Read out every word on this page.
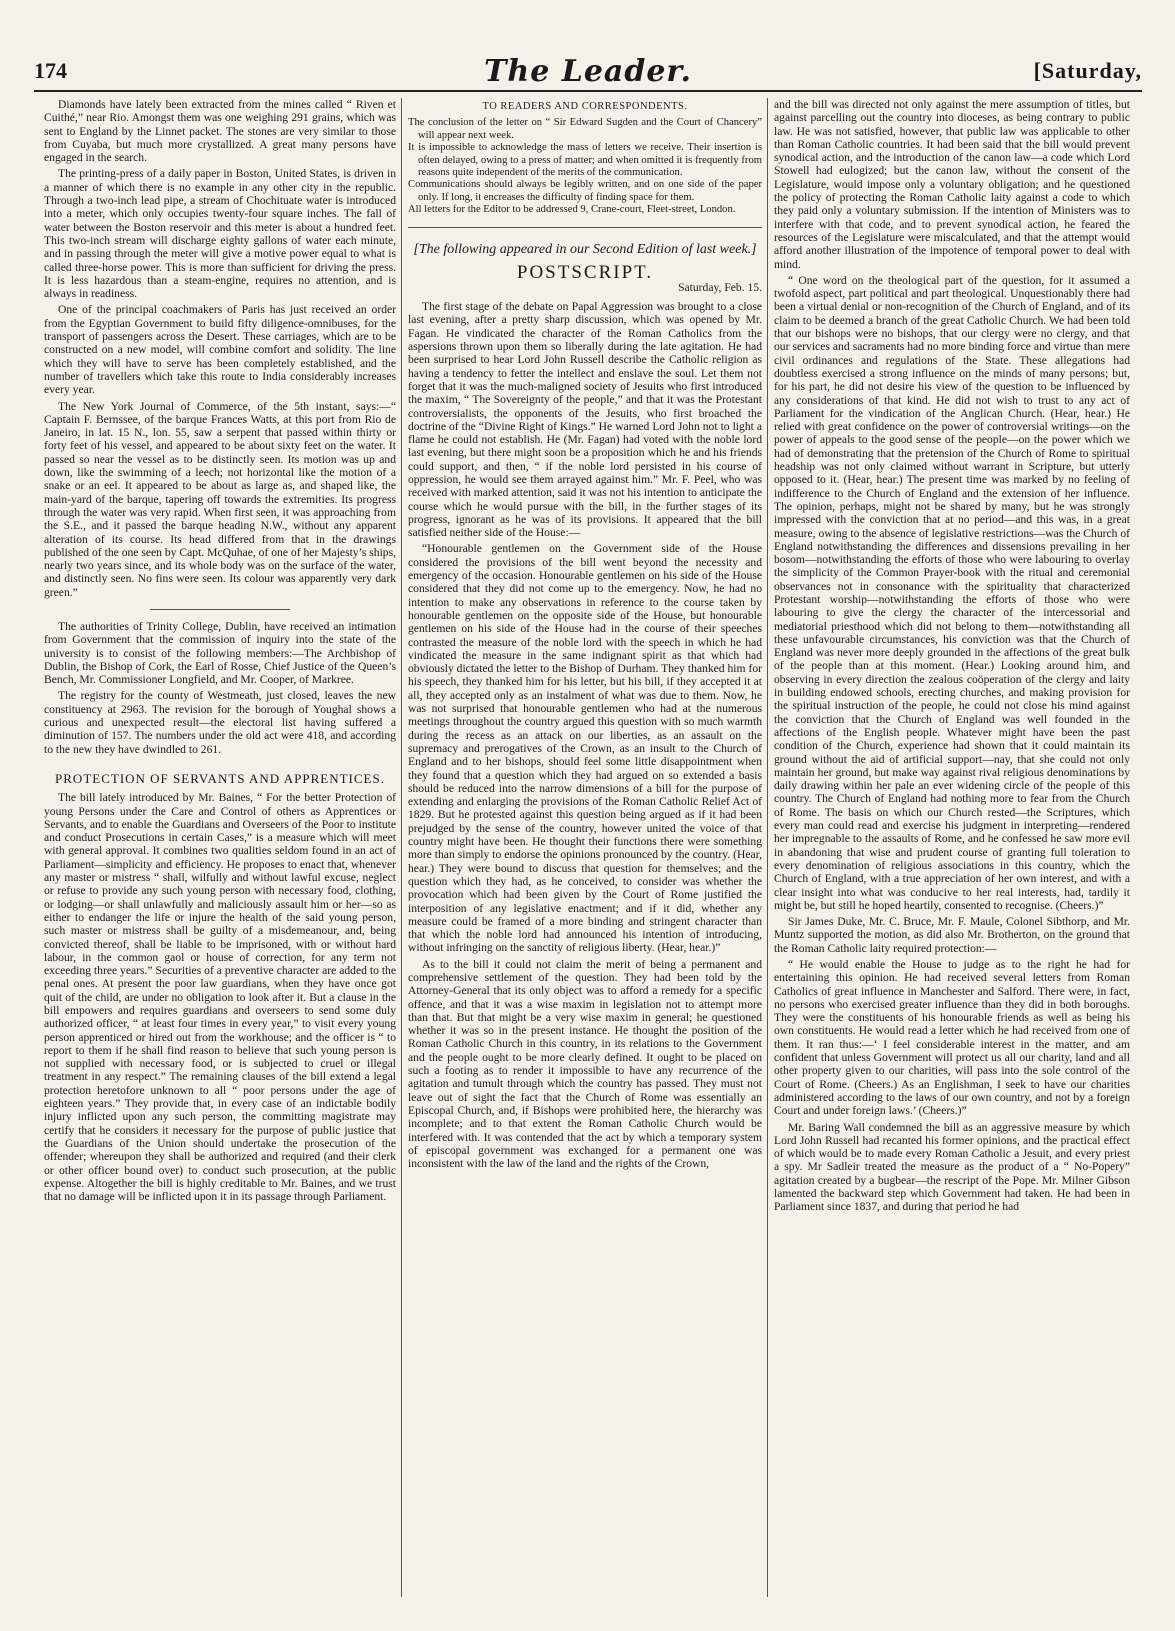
174	The Leader.	[Saturday,

Diamonds have lately been extracted from the mines called “ Riven et Cuithé,” near Rio. Amongst them was one weighing 291 grains, which was sent to England by the Linnet packet. The stones are very similar to those from Cuyaba, but much more crystallized. A great many persons have engaged in the search.

The printing-press of a daily paper in Boston, United States, is driven in a manner of which there is no example in any other city in the republic. Through a two-inch lead pipe, a stream of Chochituate water is introduced into a meter, which only occupies twenty-four square inches. The fall of water between the Boston reservoir and this meter is about a hundred feet. This two-inch stream will discharge eighty gallons of water each minute, and in passing through the meter will give a motive power equal to what is called three-horse power. This is more than sufficient for driving the press. It is less hazardous than a steam-engine, requires no attention, and is always in readiness.

One of the principal coachmakers of Paris has just received an order from the Egyptian Government to build fifty diligence-omnibuses, for the transport of passengers across the Desert. These carriages, which are to be constructed on a new model, will combine comfort and solidity. The line which they will have to serve has been completely established, and the number of travellers which take this route to India considerably increases every year.

The New York Journal of Commerce, of the 5th instant, says:—“ Captain F. Bernssee, of the barque Frances Watts, at this port from Rio de Janeiro, in lat. 15 N., lon. 55, saw a serpent that passed within thirty or forty feet of his vessel, and appeared to be about sixty feet on the water. It passed so near the vessel as to be distinctly seen. Its motion was up and down, like the swimming of a leech; not horizontal like the motion of a snake or an eel. It appeared to be about as large as, and shaped like, the main-yard of the barque, tapering off towards the extremities. Its progress through the water was very rapid. When first seen, it was approaching from the S.E., and it passed the barque heading N.W., without any apparent alteration of its course. Its head differed from that in the drawings published of the one seen by Capt. McQuhae, of one of her Majesty’s ships, nearly two years since, and its whole body was on the surface of the water, and distinctly seen. No fins were seen. Its colour was apparently very dark green.”

The authorities of Trinity College, Dublin, have received an intimation from Government that the commission of inquiry into the state of the university is to consist of the following members:—The Archbishop of Dublin, the Bishop of Cork, the Earl of Rosse, Chief Justice of the Queen’s Bench, Mr. Commissioner Longfield, and Mr. Cooper, of Markree.

The registry for the county of Westmeath, just closed, leaves the new constituency at 2963. The revision for the borough of Youghal shows a curious and unexpected result—the electoral list having suffered a diminution of 157. The numbers under the old act were 418, and according to the new they have dwindled to 261.

PROTECTION OF SERVANTS AND APPRENTICES.

The bill lately introduced by Mr. Baines, “ For the better Protection of young Persons under the Care and Control of others as Apprentices or Servants, and to enable the Guardians and Overseers of the Poor to institute and conduct Prosecutions in certain Cases,” is a measure which will meet with general approval. It combines two qualities seldom found in an act of Parliament—simplicity and efficiency. He proposes to enact that, whenever any master or mistress “ shall, wilfully and without lawful excuse, neglect or refuse to provide any such young person with necessary food, clothing, or lodging—or shall unlawfully and maliciously assault him or her—so as either to endanger the life or injure the health of the said young person, such master or mistress shall be guilty of a misdemeanour, and, being convicted thereof, shall be liable to be imprisoned, with or without hard labour, in the common gaol or house of correction, for any term not exceeding three years.” Securities of a preventive character are added to the penal ones. At present the poor law guardians, when they have once got quit of the child, are under no obligation to look after it. But a clause in the bill empowers and requires guardians and overseers to send some duly authorized officer, “ at least four times in every year,” to visit every young person apprenticed or hired out from the workhouse; and the officer is “ to report to them if he shall find reason to believe that such young person is not supplied with necessary food, or is subjected to cruel or illegal treatment in any respect.” The remaining clauses of the bill extend a legal protection heretofore unknown to all “ poor persons under the age of eighteen years.” They provide that, in every case of an indictable bodily injury inflicted upon any such person, the committing magistrate may certify that he considers it necessary for the purpose of public justice that the Guardians of the Union should undertake the prosecution of the offender; whereupon they shall be authorized and required (and their clerk or other officer bound over) to conduct such prosecution, at the public expense. Altogether the bill is highly creditable to Mr. Baines, and we trust that no damage will be inflicted upon it in its passage through Parliament.

TO READERS AND CORRESPONDENTS.

The conclusion of the letter on “ Sir Edward Sugden and the Court of Chancery” will appear next week.

It is impossible to acknowledge the mass of letters we receive. Their insertion is often delayed, owing to a press of matter; and when omitted it is frequently from reasons quite independent of the merits of the communication.

Communications should always be legibly written, and on one side of the paper only. If long, it encreases the difficulty of finding space for them.

All letters for the Editor to be addressed 9, Crane-court, Fleet-street, London.

[The following appeared in our Second Edition of last week.]
POSTSCRIPT.
Saturday, Feb. 15.

The first stage of the debate on Papal Aggression was brought to a close last evening, after a pretty sharp discussion, which was opened by Mr. Fagan. He vindicated the character of the Roman Catholics from the aspersions thrown upon them so liberally during the late agitation. He had been surprised to hear Lord John Russell describe the Catholic religion as having a tendency to fetter the intellect and enslave the soul. Let them not forget that it was the much-maligned society of Jesuits who first introduced the maxim, “ The Sovereignty of the people,” and that it was the Protestant controversialists, the opponents of the Jesuits, who first broached the doctrine of the “Divine Right of Kings.” He warned Lord John not to light a flame he could not establish. He (Mr. Fagan) had voted with the noble lord last evening, but there might soon be a proposition which he and his friends could support, and then, “ if the noble lord persisted in his course of oppression, he would see them arrayed against him.” Mr. F. Peel, who was received with marked attention, said it was not his intention to anticipate the course which he would pursue with the bill, in the further stages of its progress, ignorant as he was of its provisions. It appeared that the bill satisfied neither side of the House:—

“Honourable gentlemen on the Government side of the House considered the provisions of the bill went beyond the necessity and emergency of the occasion. Honourable gentlemen on his side of the House considered that they did not come up to the emergency. Now, he had no intention to make any observations in reference to the course taken by honourable gentlemen on the opposite side of the House, but honourable gentlemen on his side of the House had in the course of their speeches contrasted the measure of the noble lord with the speech in which he had vindicated the measure in the same indignant spirit as that which had obviously dictated the letter to the Bishop of Durham. They thanked him for his speech, they thanked him for his letter, but his bill, if they accepted it at all, they accepted only as an instalment of what was due to them. Now, he was not surprised that honourable gentlemen who had at the numerous meetings throughout the country argued this question with so much warmth during the recess as an attack on our liberties, as an assault on the supremacy and prerogatives of the Crown, as an insult to the Church of England and to her bishops, should feel some little disappointment when they found that a question which they had argued on so extended a basis should be reduced into the narrow dimensions of a bill for the purpose of extending and enlarging the provisions of the Roman Catholic Relief Act of 1829. But he protested against this question being argued as if it had been prejudged by the sense of the country, however united the voice of that country might have been. He thought their functions there were something more than simply to endorse the opinions pronounced by the country. (Hear, hear.) They were bound to discuss that question for themselves; and the question which they had, as he conceived, to consider was whether the provocation which had been given by the Court of Rome justified the interposition of any legislative enactment; and if it did, whether any measure could be framed of a more binding and stringent character than that which the noble lord had announced his intention of introducing, without infringing on the sanctity of religious liberty. (Hear, hear.)”

As to the bill it could not claim the merit of being a permanent and comprehensive settlement of the question. They had been told by the Attorney-General that its only object was to afford a remedy for a specific offence, and that it was a wise maxim in legislation not to attempt more than that. But that might be a very wise maxim in general; he questioned whether it was so in the present instance. He thought the position of the Roman Catholic Church in this country, in its relations to the Government and the people ought to be more clearly defined. It ought to be placed on such a footing as to render it impossible to have any recurrence of the agitation and tumult through which the country has passed. They must not leave out of sight the fact that the Church of Rome was essentially an Episcopal Church, and, if Bishops were prohibited here, the hierarchy was incomplete; and to that extent the Roman Catholic Church would be interfered with. It was contended that the act by which a temporary system of episcopal government was exchanged for a permanent one was inconsistent with the law of the land and the rights of the Crown,

and the bill was directed not only against the mere assumption of titles, but against parcelling out the country into dioceses, as being contrary to public law. He was not satisfied, however, that public law was applicable to other than Roman Catholic countries. It had been said that the bill would prevent synodical action, and the introduction of the canon law—a code which Lord Stowell had eulogized; but the canon law, without the consent of the Legislature, would impose only a voluntary obligation; and he questioned the policy of protecting the Roman Catholic laity against a code to which they paid only a voluntary submission. If the intention of Ministers was to interfere with that code, and to prevent synodical action, he feared the resources of the Legislature were miscalculated, and that the attempt would afford another illustration of the impotence of temporal power to deal with mind.

“ One word on the theological part of the question, for it assumed a twofold aspect, part political and part theological. Unquestionably there had been a virtual denial or non-recognition of the Church of England, and of its claim to be deemed a branch of the great Catholic Church. We had been told that our bishops were no bishops, that our clergy were no clergy, and that our services and sacraments had no more binding force and virtue than mere civil ordinances and regulations of the State. These allegations had doubtless exercised a strong influence on the minds of many persons; but, for his part, he did not desire his view of the question to be influenced by any considerations of that kind. He did not wish to trust to any act of Parliament for the vindication of the Anglican Church. (Hear, hear.) He relied with great confidence on the power of controversial writings—on the power of appeals to the good sense of the people—on the power which we had of demonstrating that the pretension of the Church of Rome to spiritual headship was not only claimed without warrant in Scripture, but utterly opposed to it. (Hear, hear.) The present time was marked by no feeling of indifference to the Church of England and the extension of her influence. The opinion, perhaps, might not be shared by many, but he was strongly impressed with the conviction that at no period—and this was, in a great measure, owing to the absence of legislative restrictions—was the Church of England notwithstanding the differences and dissensions prevailing in her bosom—notwithstanding the efforts of those who were labouring to overlay the simplicity of the Common Prayer-book with the ritual and ceremonial observances not in consonance with the spirituality that characterized Protestant worship—notwithstanding the efforts of those who were labouring to give the clergy the character of the intercessorial and mediatorial priesthood which did not belong to them—notwithstanding all these unfavourable circumstances, his conviction was that the Church of England was never more deeply grounded in the affections of the great bulk of the people than at this moment. (Hear.) Looking around him, and observing in every direction the zealous coöperation of the clergy and laity in building endowed schools, erecting churches, and making provision for the spiritual instruction of the people, he could not close his mind against the conviction that the Church of England was well founded in the affections of the English people. Whatever might have been the past condition of the Church, experience had shown that it could maintain its ground without the aid of artificial support—nay, that she could not only maintain her ground, but make way against rival religious denominations by daily drawing within her pale an ever widening circle of the people of this country. The Church of England had nothing more to fear from the Church of Rome. The basis on which our Church rested—the Scriptures, which every man could read and exercise his judgment in interpreting—rendered her impregnable to the assaults of Rome, and he confessed he saw more evil in abandoning that wise and prudent course of granting full toleration to every denomination of religious associations in this country, which the Church of England, with a true appreciation of her own interest, and with a clear insight into what was conducive to her real interests, had, tardily it might be, but still he hoped heartily, consented to recognise. (Cheers.)”

Sir James Duke, Mr. C. Bruce, Mr. F. Maule, Colonel Sibthorp, and Mr. Muntz supported the motion, as did also Mr. Brotherton, on the ground that the Roman Catholic laity required protection:—

“ He would enable the House to judge as to the right he had for entertaining this opinion. He had received several letters from Roman Catholics of great influence in Manchester and Salford. There were, in fact, no persons who exercised greater influence than they did in both boroughs. They were the constituents of his honourable friends as well as being his own constituents. He would read a letter which he had received from one of them. It ran thus:—‘ I feel considerable interest in the matter, and am confident that unless Government will protect us all our charity, land and all other property given to our charities, will pass into the sole control of the Court of Rome. (Cheers.) As an Englishman, I seek to have our charities administered according to the laws of our own country, and not by a foreign Court and under foreign laws.’ (Cheers.)”

Mr. Baring Wall condemned the bill as an aggressive measure by which Lord John Russell had recanted his former opinions, and the practical effect of which would be to made every Roman Catholic a Jesuit, and every priest a spy. Mr Sadleir treated the measure as the product of a “ No-Popery” agitation created by a bugbear—the rescript of the Pope. Mr. Milner Gibson lamented the backward step which Government had taken. He had been in Parliament since 1837, and during that period he had
